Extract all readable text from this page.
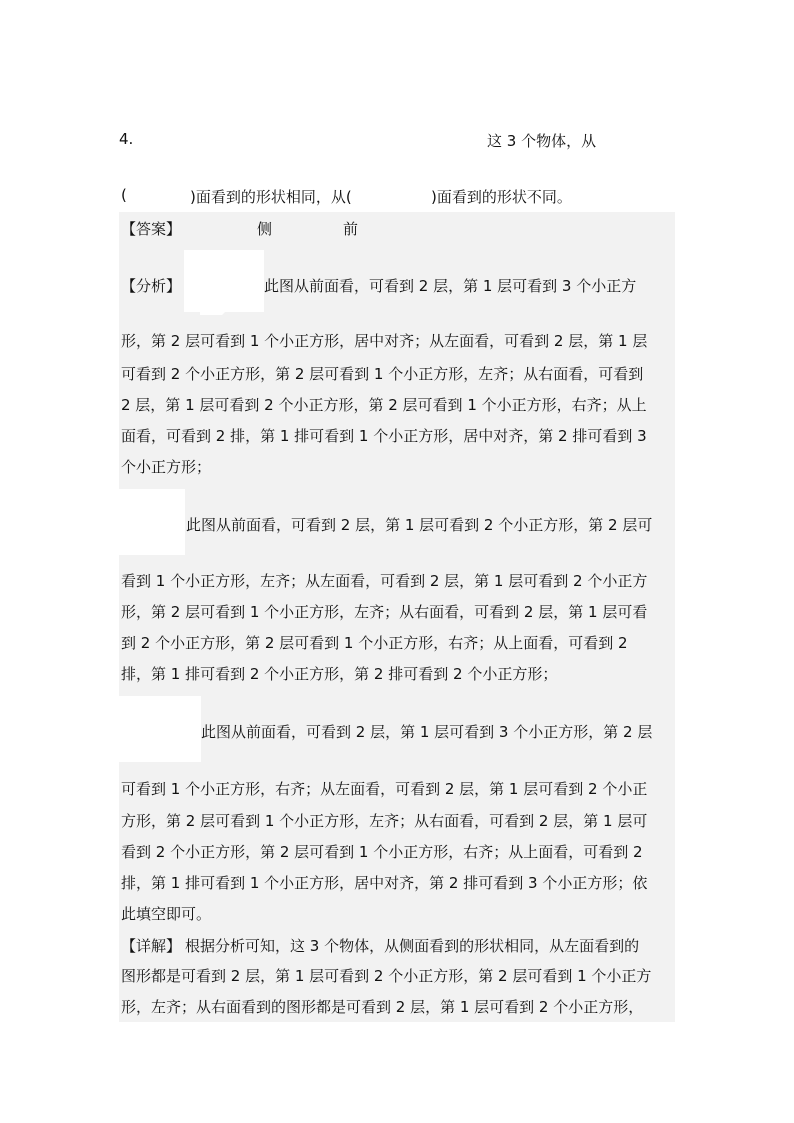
4.	这 3 个物体，从
(	)面看到的形状相同，从(	)面看到的形状不同。
【答案】	侧	前
【分析】	此图从前面看，可看到 2 层，第 1 层可看到 3 个小正方
形，第 2 层可看到 1 个小正方形，居中对齐；从左面看，可看到 2 层，第 1 层
可看到 2 个小正方形，第 2 层可看到 1 个小正方形，左齐；从右面看，可看到
2 层，第 1 层可看到 2 个小正方形，第 2 层可看到 1 个小正方形，右齐；从上
面看，可看到 2 排，第 1 排可看到 1 个小正方形，居中对齐，第 2 排可看到 3
个小正方形；
此图从前面看，可看到 2 层，第 1 层可看到 2 个小正方形，第 2 层可
看到 1 个小正方形，左齐；从左面看，可看到 2 层，第 1 层可看到 2 个小正方
形，第 2 层可看到 1 个小正方形，左齐；从右面看，可看到 2 层，第 1 层可看
到 2 个小正方形，第 2 层可看到 1 个小正方形，右齐；从上面看，可看到 2
排，第 1 排可看到 2 个小正方形，第 2 排可看到 2 个小正方形；
此图从前面看，可看到 2 层，第 1 层可看到 3 个小正方形，第 2 层
可看到 1 个小正方形，右齐；从左面看，可看到 2 层，第 1 层可看到 2 个小正
方形，第 2 层可看到 1 个小正方形，左齐；从右面看，可看到 2 层，第 1 层可
看到 2 个小正方形，第 2 层可看到 1 个小正方形，右齐；从上面看，可看到 2
排，第 1 排可看到 1 个小正方形，居中对齐，第 2 排可看到 3 个小正方形；依
此填空即可。
【详解】 根据分析可知，这 3 个物体，从侧面看到的形状相同，从左面看到的
图形都是可看到 2 层，第 1 层可看到 2 个小正方形，第 2 层可看到 1 个小正方
形，左齐；从右面看到的图形都是可看到 2 层，第 1 层可看到 2 个小正方形，
